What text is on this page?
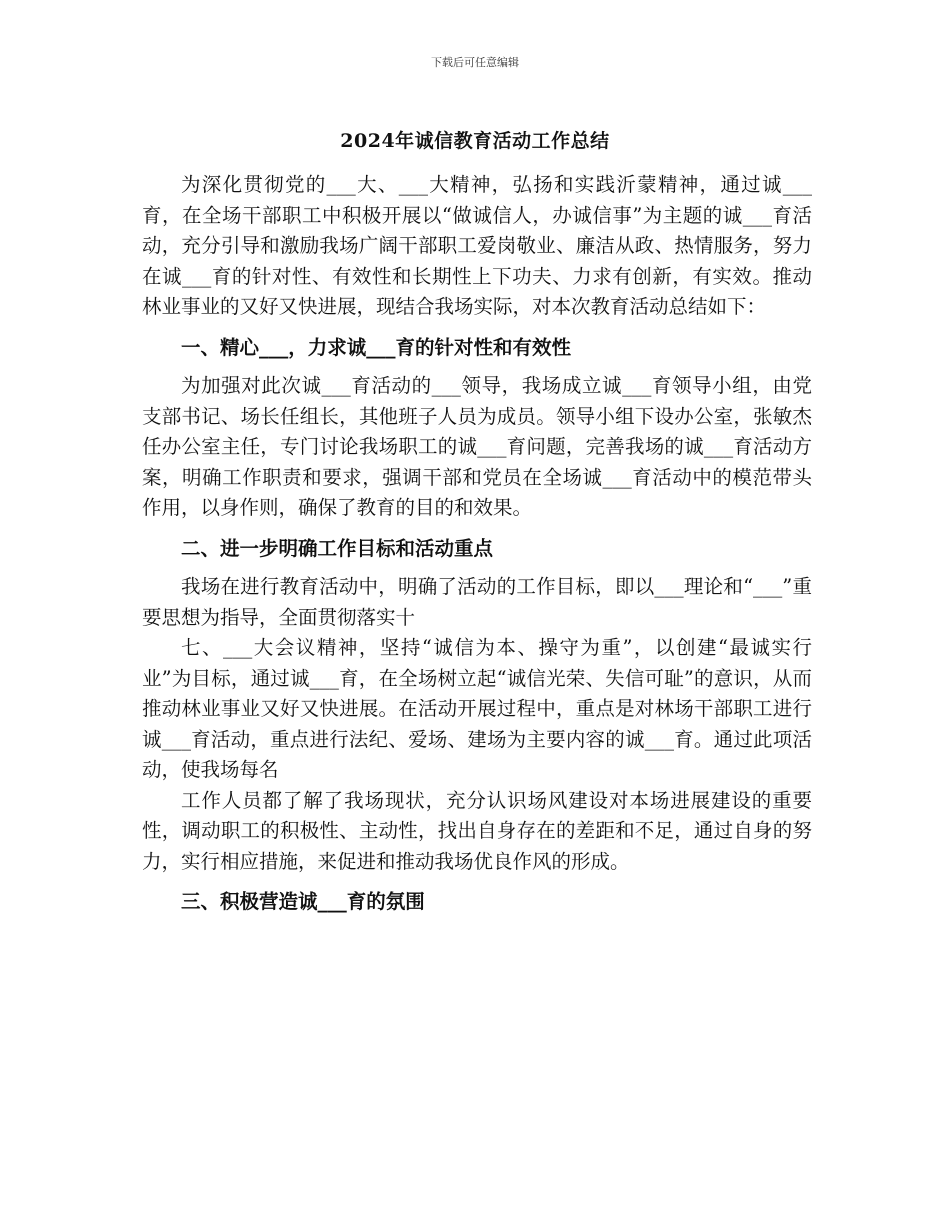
下载后可任意编辑
2024年诚信教育活动工作总结

为深化贯彻党的___大、___大精神，弘扬和实践沂蒙精神，通过诚___育，在全场干部职工中积极开展以“做诚信人，办诚信事”为主题的诚___育活动，充分引导和激励我场广阔干部职工爱岗敬业、廉洁从政、热情服务，努力在诚___育的针对性、有效性和长期性上下功夫、力求有创新，有实效。推动林业事业的又好又快进展，现结合我场实际，对本次教育活动总结如下：

一、精心___，力求诚___育的针对性和有效性

为加强对此次诚___育活动的___领导，我场成立诚___育领导小组，由党支部书记、场长任组长，其他班子人员为成员。领导小组下设办公室，张敏杰任办公室主任，专门讨论我场职工的诚___育问题，完善我场的诚___育活动方案，明确工作职责和要求，强调干部和党员在全场诚___育活动中的模范带头作用，以身作则，确保了教育的目的和效果。

二、进一步明确工作目标和活动重点

我场在进行教育活动中，明确了活动的工作目标，即以___理论和“___”重要思想为指导，全面贯彻落实十

七、___大会议精神，坚持“诚信为本、操守为重”，以创建“最诚实行业”为目标，通过诚___育，在全场树立起“诚信光荣、失信可耻”的意识，从而推动林业事业又好又快进展。在活动开展过程中，重点是对林场干部职工进行诚___育活动，重点进行法纪、爱场、建场为主要内容的诚___育。通过此项活动，使我场每名

工作人员都了解了我场现状，充分认识场风建设对本场进展建设的重要性，调动职工的积极性、主动性，找出自身存在的差距和不足，通过自身的努力，实行相应措施，来促进和推动我场优良作风的形成。

三、积极营造诚___育的氛围
